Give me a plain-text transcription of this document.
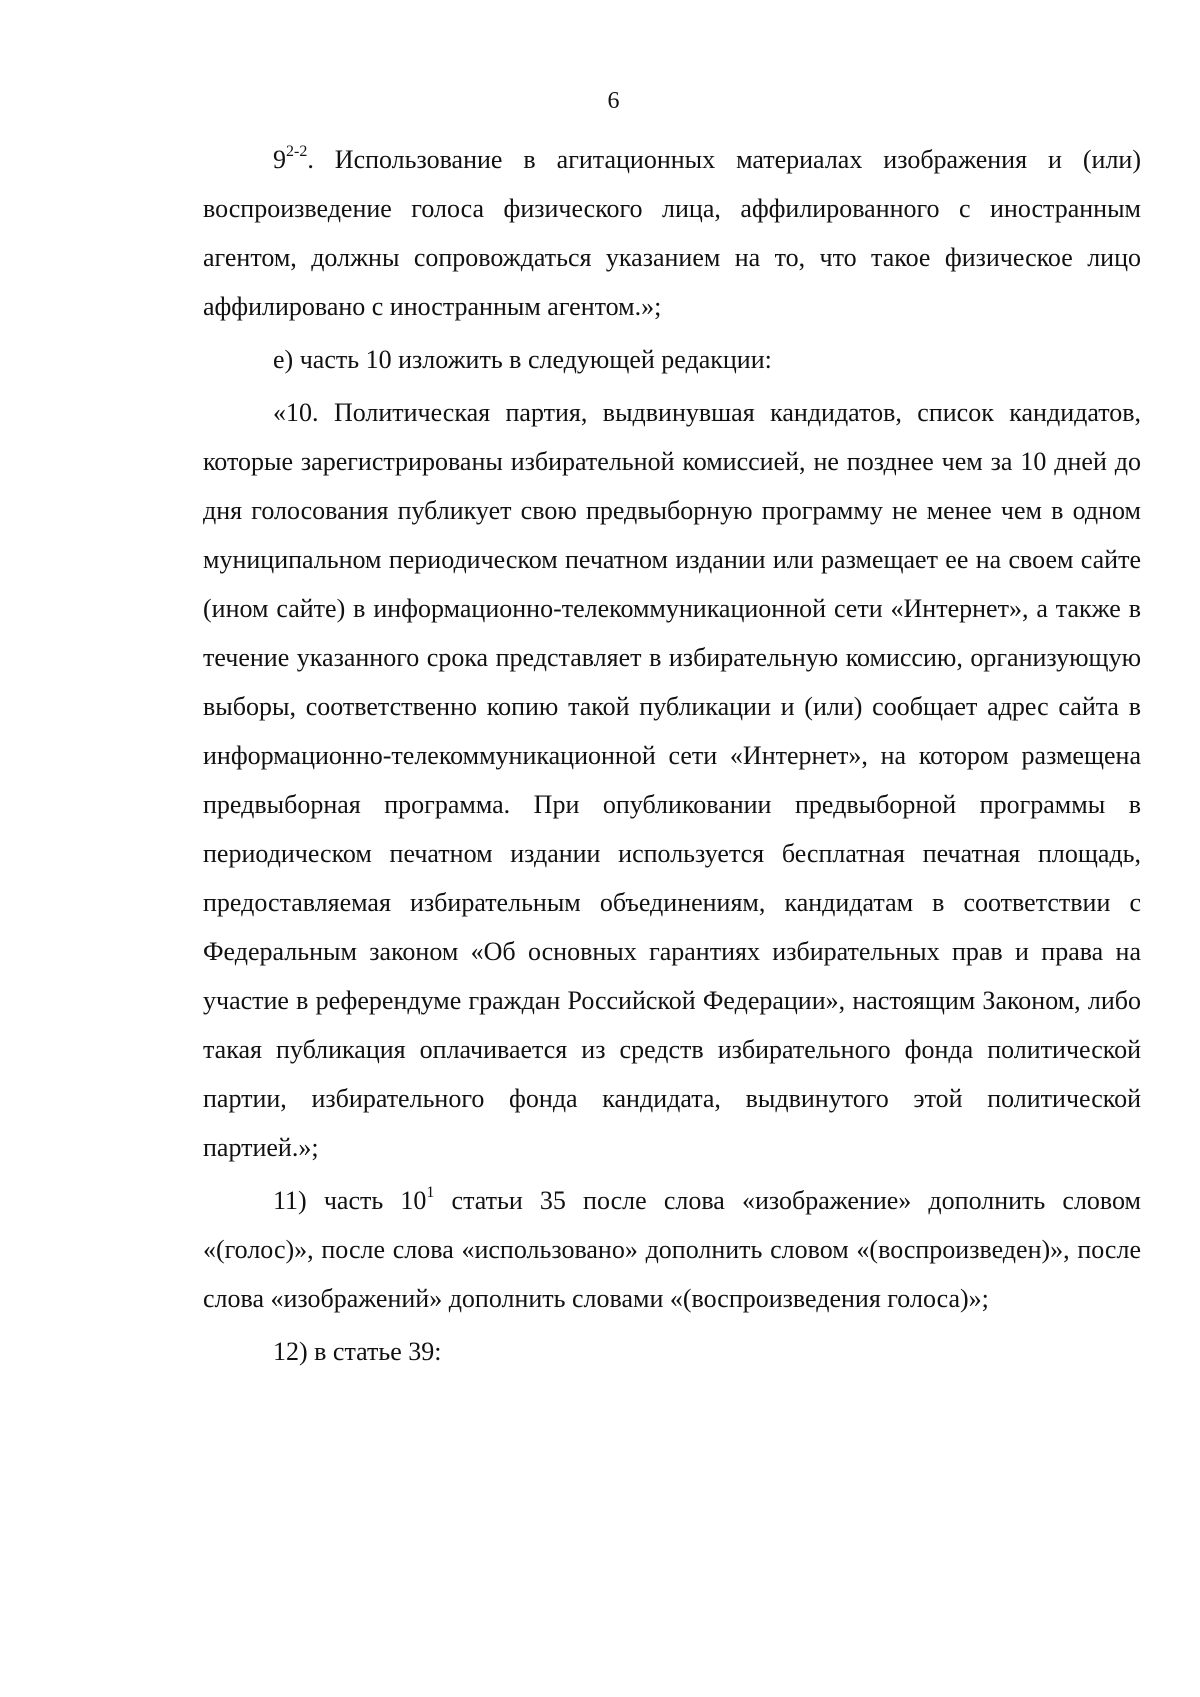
6

9$^{2-2}$. Использование в агитационных материалах изображения и (или) воспроизведение голоса физического лица, аффилированного с иностранным агентом, должны сопровождаться указанием на то, что такое физическое лицо аффилировано с иностранным агентом.»;

е) часть 10 изложить в следующей редакции:

«10. Политическая партия, выдвинувшая кандидатов, список кандидатов, которые зарегистрированы избирательной комиссией, не позднее чем за 10 дней до дня голосования публикует свою предвыборную программу не менее чем в одном муниципальном периодическом печатном издании или размещает ее на своем сайте (ином сайте) в информационно-телекоммуникационной сети «Интернет», а также в течение указанного срока представляет в избирательную комиссию, организующую выборы, соответственно копию такой публикации и (или) сообщает адрес сайта в информационно-телекоммуникационной сети «Интернет», на котором размещена предвыборная программа. При опубликовании предвыборной программы в периодическом печатном издании используется бесплатная печатная площадь, предоставляемая избирательным объединениям, кандидатам в соответствии с Федеральным законом «Об основных гарантиях избирательных прав и права на участие в референдуме граждан Российской Федерации», настоящим Законом, либо такая публикация оплачивается из средств избирательного фонда политической партии, избирательного фонда кандидата, выдвинутого этой политической партией.»;

11) часть $10^1$ статьи 35 после слова «изображение» дополнить словом «(голос)», после слова «использовано» дополнить словом «(воспроизведен)», после слова «изображений» дополнить словами «(воспроизведения голоса)»;

12) в статье 39:
